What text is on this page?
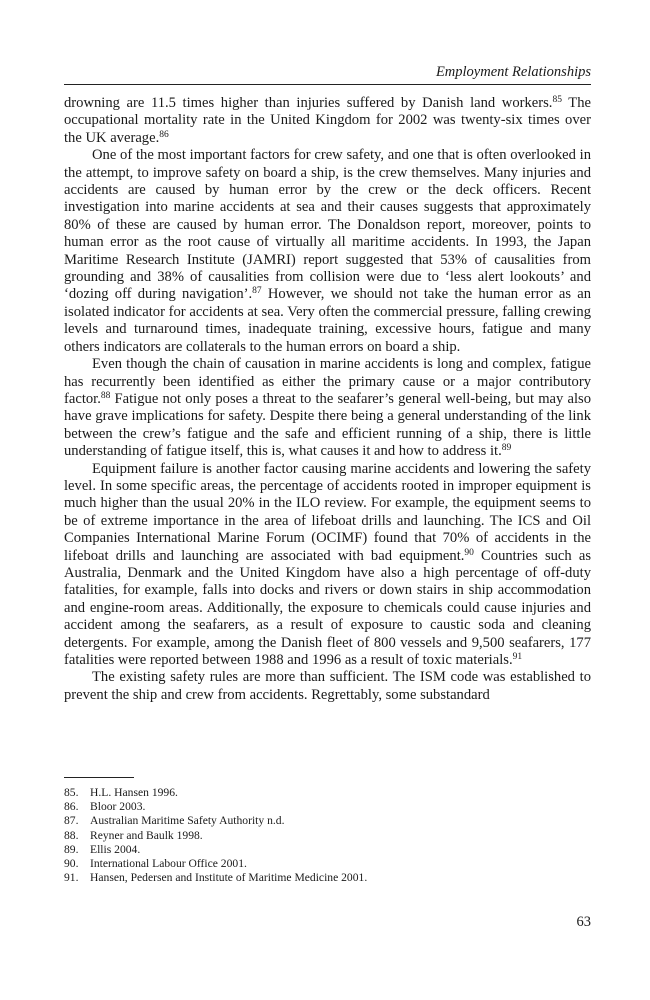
Employment Relationships

drowning are 11.5 times higher than injuries suffered by Danish land workers.$^{85}$ The occupational mortality rate in the United Kingdom for 2002 was twenty-six times over the UK average.$^{86}$

One of the most important factors for crew safety, and one that is often overlooked in the attempt, to improve safety on board a ship, is the crew themselves. Many injuries and accidents are caused by human error by the crew or the deck officers. Recent investigation into marine accidents at sea and their causes suggests that approximately 80% of these are caused by human error. The Donaldson report, moreover, points to human error as the root cause of virtually all maritime accidents. In 1993, the Japan Maritime Research Institute (JAMRI) report suggested that 53% of causalities from grounding and 38% of causalities from collision were due to ‘less alert lookouts’ and ‘dozing off during navigation’.$^{87}$ However, we should not take the human error as an isolated indicator for accidents at sea. Very often the commercial pressure, falling crewing levels and turnaround times, inadequate training, excessive hours, fatigue and many others indicators are collaterals to the human errors on board a ship.

Even though the chain of causation in marine accidents is long and complex, fatigue has recurrently been identified as either the primary cause or a major contributory factor.$^{88}$ Fatigue not only poses a threat to the seafarer’s general well-being, but may also have grave implications for safety. Despite there being a general understanding of the link between the crew’s fatigue and the safe and efficient running of a ship, there is little understanding of fatigue itself, this is, what causes it and how to address it.$^{89}$

Equipment failure is another factor causing marine accidents and lowering the safety level. In some specific areas, the percentage of accidents rooted in improper equipment is much higher than the usual 20% in the ILO review. For example, the equipment seems to be of extreme importance in the area of lifeboat drills and launching. The ICS and Oil Companies International Marine Forum (OCIMF) found that 70% of accidents in the lifeboat drills and launching are associated with bad equipment.$^{90}$ Countries such as Australia, Denmark and the United Kingdom have also a high percentage of off-duty fatalities, for example, falls into docks and rivers or down stairs in ship accommodation and engine-room areas. Additionally, the exposure to chemicals could cause injuries and accident among the seafarers, as a result of exposure to caustic soda and cleaning detergents. For example, among the Danish fleet of 800 vessels and 9,500 seafarers, 177 fatalities were reported between 1988 and 1996 as a result of toxic materials.$^{91}$

The existing safety rules are more than sufficient. The ISM code was established to prevent the ship and crew from accidents. Regrettably, some substandard

85. H.L. Hansen 1996.
86. Bloor 2003.
87. Australian Maritime Safety Authority n.d.
88. Reyner and Baulk 1998.
89. Ellis 2004.
90. International Labour Office 2001.
91. Hansen, Pedersen and Institute of Maritime Medicine 2001.
63
